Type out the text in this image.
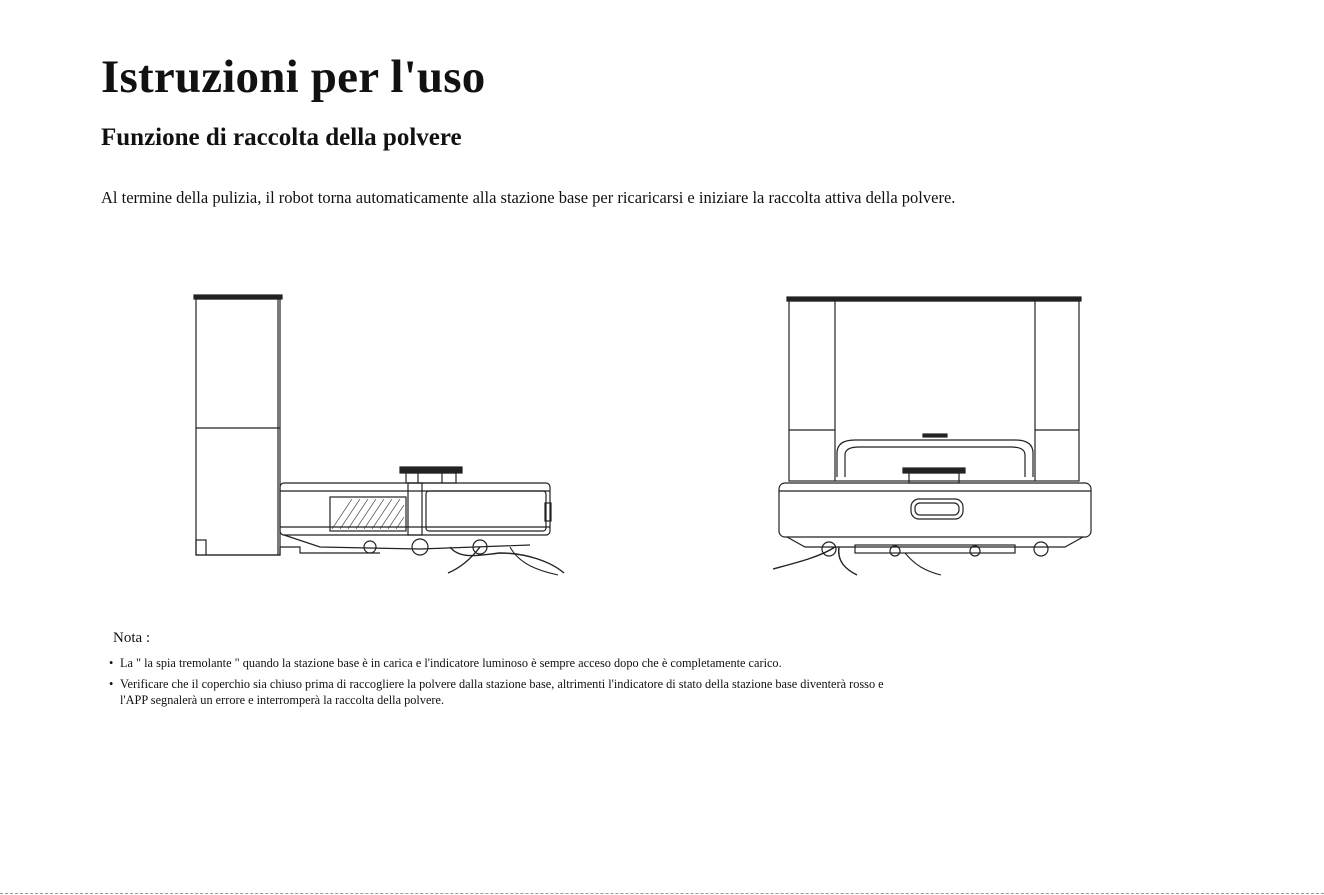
Istruzioni per l'uso
Funzione di raccolta della polvere

Al termine della pulizia, il robot torna automaticamente alla stazione base per ricaricarsi e iniziare la raccolta attiva della polvere.

Nota :

• La " la spia tremolante " quando la stazione base è in carica e l'indicatore luminoso è sempre acceso dopo che è completamente carico.
• Verificare che il coperchio sia chiuso prima di raccogliere la polvere dalla stazione base, altrimenti l'indicatore di stato della stazione base diventerà rosso e l'APP segnalerà un errore e interromperà la raccolta della polvere.
